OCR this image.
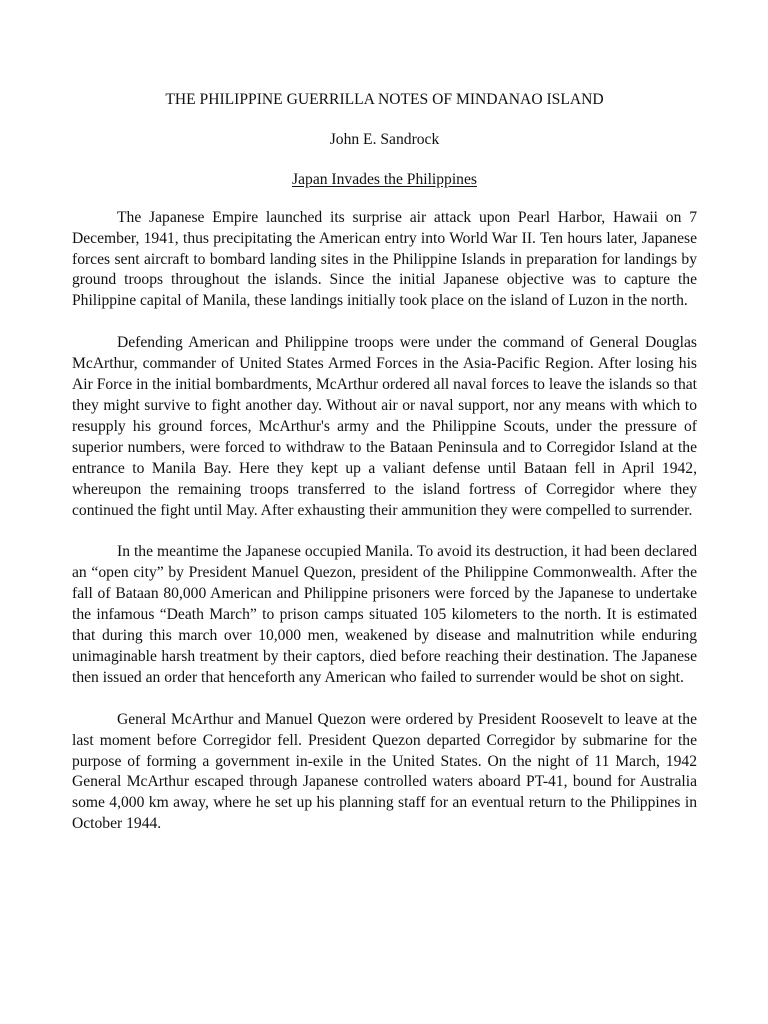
THE PHILIPPINE GUERRILLA NOTES OF MINDANAO ISLAND
John E. Sandrock
Japan Invades the Philippines

The Japanese Empire launched its surprise air attack upon Pearl Harbor, Hawaii on 7 December, 1941, thus precipitating the American entry into World War II. Ten hours later, Japanese forces sent aircraft to bombard landing sites in the Philippine Islands in preparation for landings by ground troops throughout the islands. Since the initial Japanese objective was to capture the Philippine capital of Manila, these landings initially took place on the island of Luzon in the north.

Defending American and Philippine troops were under the command of General Douglas McArthur, commander of United States Armed Forces in the Asia-Pacific Region. After losing his Air Force in the initial bombardments, McArthur ordered all naval forces to leave the islands so that they might survive to fight another day. Without air or naval support, nor any means with which to resupply his ground forces, McArthur's army and the Philippine Scouts, under the pressure of superior numbers, were forced to withdraw to the Bataan Peninsula and to Corregidor Island at the entrance to Manila Bay. Here they kept up a valiant defense until Bataan fell in April 1942, whereupon the remaining troops transferred to the island fortress of Corregidor where they continued the fight until May. After exhausting their ammunition they were compelled to surrender.

In the meantime the Japanese occupied Manila. To avoid its destruction, it had been declared an “open city” by President Manuel Quezon, president of the Philippine Commonwealth. After the fall of Bataan 80,000 American and Philippine prisoners were forced by the Japanese to undertake the infamous “Death March” to prison camps situated 105 kilometers to the north. It is estimated that during this march over 10,000 men, weakened by disease and malnutrition while enduring unimaginable harsh treatment by their captors, died before reaching their destination. The Japanese then issued an order that henceforth any American who failed to surrender would be shot on sight.

General McArthur and Manuel Quezon were ordered by President Roosevelt to leave at the last moment before Corregidor fell. President Quezon departed Corregidor by submarine for the purpose of forming a government in-exile in the United States. On the night of 11 March, 1942 General McArthur escaped through Japanese controlled waters aboard PT-41, bound for Australia some 4,000 km away, where he set up his planning staff for an eventual return to the Philippines in October 1944.
